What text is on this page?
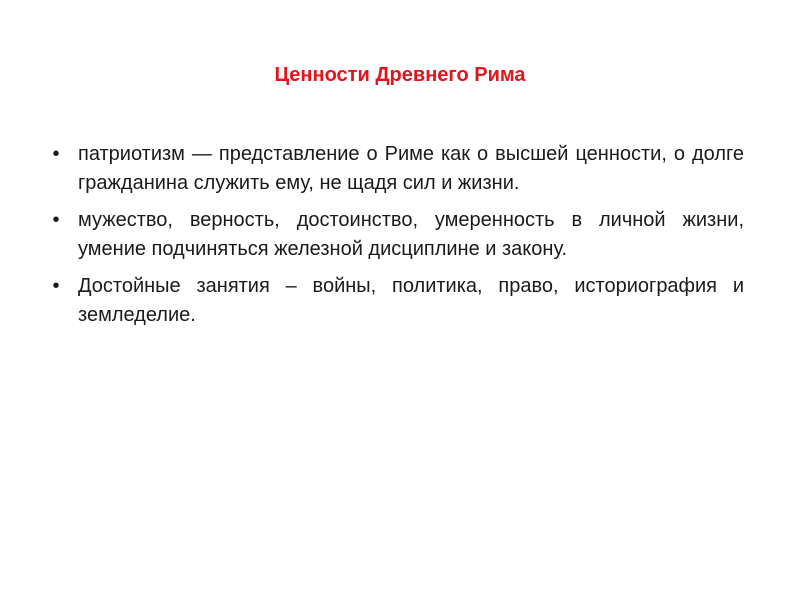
Ценности Древнего Рима
• патриотизм — представление о Риме как о высшей ценности, о долге гражданина служить ему, не щадя сил и жизни.
• мужество, верность, достоинство, умеренность в личной жизни, умение подчиняться железной дисциплине и закону.
• Достойные занятия – войны, политика, право, историография и земледелие.
